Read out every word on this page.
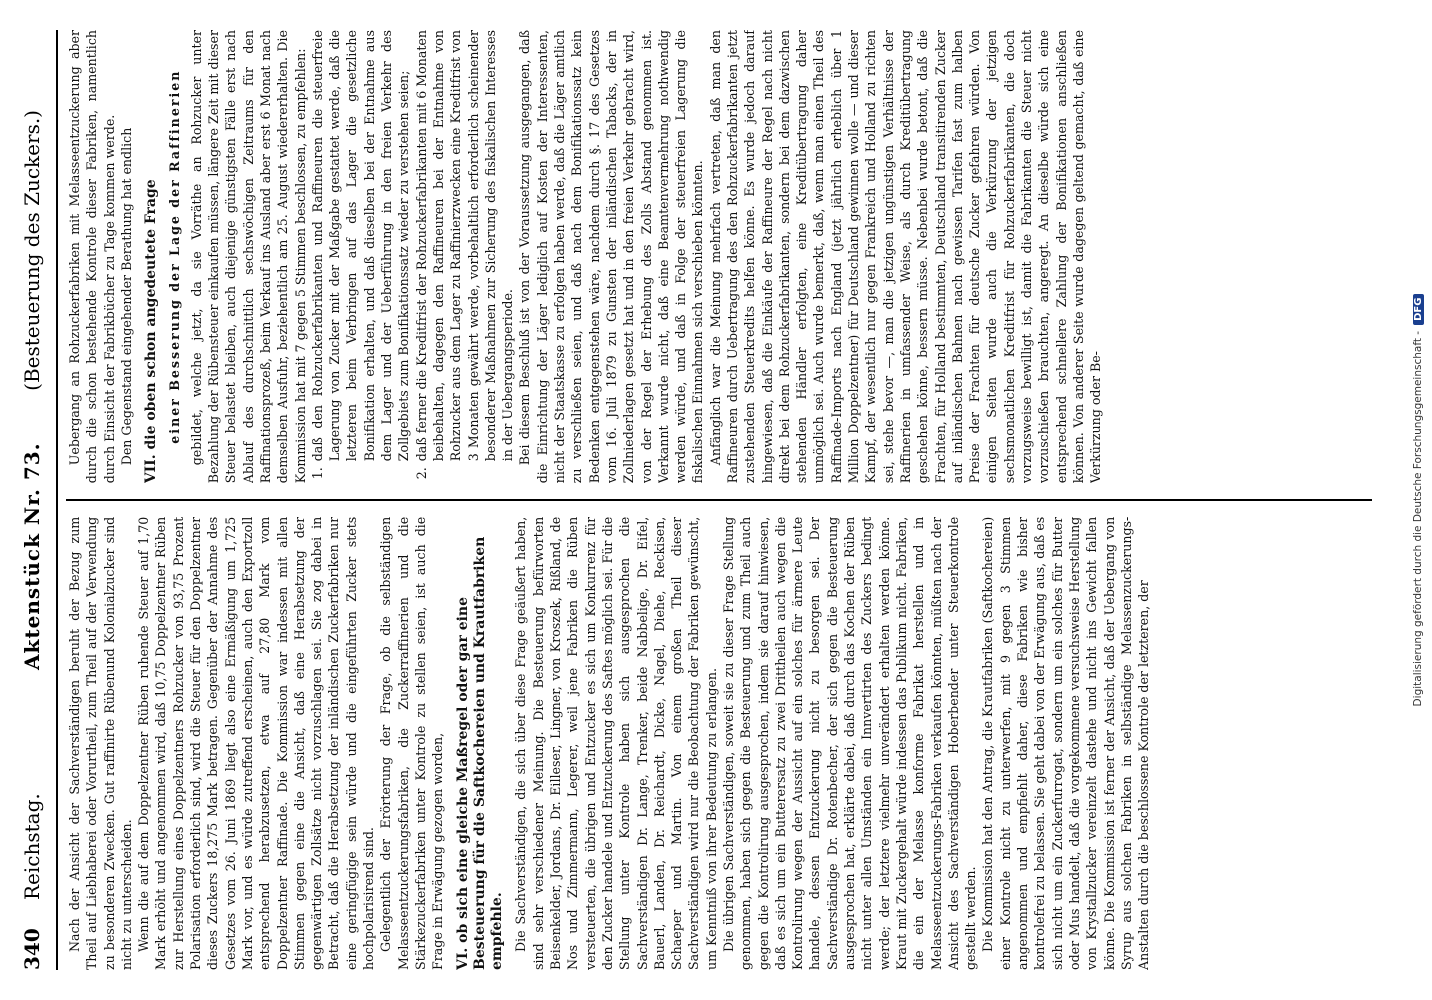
340
Reichstag.
Aktenstück Nr. 73.
(Besteuerung des Zuckers.)

Nach der Ansicht der Sachverständigen beruht der Bezug zum Theil auf Liebhaberei oder Vorurtheil, zum Theil auf der Verwendung zu besonderen Zwecken. Gut raffinirte Rübenund Kolonialzucker sind nicht zu unterscheiden. Wenn die auf dem Doppelzentner Rüben ruhende Steuer auf 1,70 Mark erhöht und angenommen wird, daß 10,75 Doppelzentner Rüben zur Herstellung eines Doppelzentners Rohzucker von 93,75 Prozent Polarisation erforderlich sind, wird die Steuer für den Doppelzentner dieses Zuckers 18,275 Mark betragen. Gegenüber der Annahme des Gesetzes vom 26. Juni 1869 liegt also eine Ermäßigung um 1,725 Mark vor, und es würde zutreffend erscheinen, auch den Exportzoll entsprechend herabzusetzen, etwa auf 27,80 Mark vom Doppelzentner Raffinade. Die Kommission war indessen mit allen Stimmen gegen eine die Ansicht, daß eine Herabsetzung der gegenwärtigen Zollsätze nicht vorzuschlagen sei. Sie zog dabei in Betracht, daß die Herabsetzung der inländischen Zuckerfabriken nur eine geringfügige sein würde und die eingeführten Zucker stets hochpolarisirend sind. Gelegentlich der Erörterung der Frage, ob die selbständigen Melasseentzuckerungsfabriken, die Zuckerraffinerien und die Stärkezuckerfabriken unter Kontrole zu stellen seien, ist auch die Frage in Erwägung gezogen worden, VI. ob sich eine gleiche Maßregel oder gar eine Besteuerung für die Saftkochereien und Krautfabriken empfehle. Die Sachverständigen, die sich über diese Frage geäußert haben, sind sehr verschiedener Meinung. Die Besteuerung befürworten Beisenkelder, Jordans, Dr. Eilleser, Lingner, von Kroszek, Rißland, de Nos und Zimmermann, Legerer, weil jene Fabriken die Rüben versteuerten, die übrigen und Entzucker es sich um Konkurrenz für den Zucker handele und Entzuckerung des Saftes möglich sei. Für die Stellung unter Kontrole haben sich ausgesprochen die Sachverständigen Dr. Lange, Trenker, beide Nabbelige, Dr. Eifel, Bauerl, Landen, Dr. Reichardt, Dicke, Nagel, Diehe, Reckisen, Schaeper und Martin. Von einem großen Theil dieser Sachverständigen wird nur die Beobachtung der Fabriken gewünscht, um Kenntniß von ihrer Bedeutung zu erlangen. Die übrigen Sachverständigen, soweit sie zu dieser Frage Stellung genommen, haben sich gegen die Besteuerung und zum Theil auch gegen die Kontrolirung ausgesprochen, indem sie darauf hinwiesen, daß es sich um ein Butterersatz zu zwei Drittheilen auch wegen die Kontrolirung wegen der Aussicht auf ein solches für ärmere Leute handele, dessen Entzuckerung nicht zu besorgen sei. Der Sachverständige Dr. Rotenbecher, der sich gegen die Besteuerung ausgesprochen hat, erklärte dabei, daß durch das Kochen der Rüben nicht unter allen Umständen ein Innvertirten des Zuckers bedingt werde; der letztere vielmehr unverändert erhalten werden könne. Kraut mit Zuckergehalt würde indessen das Publikum nicht. Fabriken, die ein der Melasse konforme Fabrikat herstellen und in Melasseentzuckerungs-Fabriken verkaufen könnten, müßten nach der Ansicht des Sachverständigen Hoberbender unter Steuerkontrole gestellt werden. Die Kommission hat den Antrag, die Krautfabriken (Saftkochereien) einer Kontrole nicht zu unterwerfen, mit 9 gegen 3 Stimmen angenommen und empfiehlt daher, diese Fabriken wie bisher kontrolefrei zu belassen. Sie geht dabei von der Erwägung aus, daß es sich nicht um ein Zuckerfurrogat, sondern um ein solches für Butter oder Mus handelt, daß die vorgekommene versuchsweise Herstellung von Krystallzucker vereinzelt dastehe und nicht ins Gewicht fallen könne. Die Kommission ist ferner der Ansicht, daß der Uebergang von Syrup aus solchen Fabriken in selbständige Melassenzuckerungs-Anstalten durch die beschlossene Kontrole der letzteren, der

Uebergang an Rohzuckerfabriken mit Melasseentzuckerung aber durch die schon bestehende Kontrole dieser Fabriken, namentlich durch Einsicht der Fabrikbücher zu Tage kommen werde. Den Gegenstand eingehender Berathung hat endlich VII. die oben schon angedeutete Frage einer Besserung der Lage der Raffinerien gebildet, welche jetzt, da sie Vorräthe an Rohzucker unter Bezahlung der Rübensteuer einkaufen müssen, längere Zeit mit dieser Steuer belastet bleiben, auch diejenige günstigsten Fälle erst nach Ablauf des durchschnittlich sechswöchigen Zeitraums für den Raffinationsprozeß, beim Verkauf ins Ausland aber erst 6 Monat nach demselben Ausfuhr, beziehentlich am 25. August wiedererhalten. Die Kommission hat mit 7 gegen 5 Stimmen beschlossen, zu empfehlen: 1.
daß den Rohzuckerfabrikanten und Raffineuren die steuerfreie Lagerung von Zucker mit der Maßgabe gestattet werde, daß die letzteren beim Verbringen auf das Lager die gesetzliche Bonifikation erhalten, und daß dieselben bei der Entnahme aus dem Lager und der Ueberführung in den freien Verkehr des Zollgebiets zum Bonifikationssatz wieder zu verstehen seien;

2.
daß ferner die Kreditfrist der Rohzuckerfabrikanten mit 6 Monaten beibehalten, dagegen den Raffineuren bei der Entnahme von Rohzucker aus dem Lager zu Raffinierzwecken eine Kreditfrist von 3 Monaten gewährt werde, vorbehaltlich erforderlich scheinender besonderer Maßnahmen zur Sicherung des fiskalischen Interesses in der Uebergangsperiode. Bei diesem Beschluß ist von der Voraussetzung ausgegangen, daß die Einrichtung der Läger lediglich auf Kosten der Interessenten, nicht der Staatskasse zu erfolgen haben werde, daß die Läger amtlich zu verschließen seien, und daß nach dem Bonifikationssatz kein Bedenken entgegenstehen wäre, nachdem durch §. 17 des Gesetzes vom 16. Juli 1879 zu Gunsten der inländischen Tabacks, der in Zollniederlagen gesetzt hat und in den freien Verkehr gebracht wird, von der Regel der Erhebung des Zolls Abstand genommen ist. Verkannt wurde nicht, daß eine Beamtenvermehrung nothwendig werden würde, und daß in Folge der steuerfreien Lagerung die fiskalischen Einnahmen sich verschieben könnten. Anfänglich war die Meinung mehrfach vertreten, daß man den Raffineuren durch Uebertragung des den Rohzuckerfabrikanten jetzt zustehenden Steuerkredits helfen könne. Es wurde jedoch darauf hingewiesen, daß die Einkäufe der Raffineure der Regel nach nicht direkt bei dem Rohzuckerfabrikanten, sondern bei dem dazwischen stehenden Händler erfolgten, eine Kreditübertragung daher unmöglich sei. Auch wurde bemerkt, daß, wenn man einen Theil des Raffinade-Imports nach England (jetzt jährlich erheblich über 1 Million Doppelzentner) für Deutschland gewinnen wolle — und dieser Kampf, der wesentlich nur gegen Frankreich und Holland zu richten sei, stehe bevor —, man die jetzigen ungünstigen Verhältnisse der Raffinerien in umfassender Weise, als durch Kreditübertragung geschehen könne, bessern müsse. Nebenbei wurde betont, daß die Frachten, für Holland bestimmten, Deutschland transitirenden Zucker auf inländischen Bahnen nach gewissen Tarifen fast zum halben Preise der Frachten für deutsche Zucker gefahren würden. Von einigen Seiten wurde auch die Verkürzung der jetzigen sechsmonatlichen Kreditfrist für Rohzuckerfabrikanten, die doch vorzugsweise bewilligt ist, damit die Fabrikanten die Steuer nicht vorzuschießen brauchten, angeregt. An dieselbe würde sich eine entsprechend schnellere Zahlung der Bonifikationen anschließen können. Von anderer Seite wurde dagegen geltend gemacht, daß eine Verkürzung oder Be-	Digitalisierung gefördert durch die Deutsche Forschungsgemeinschaft -DFG
